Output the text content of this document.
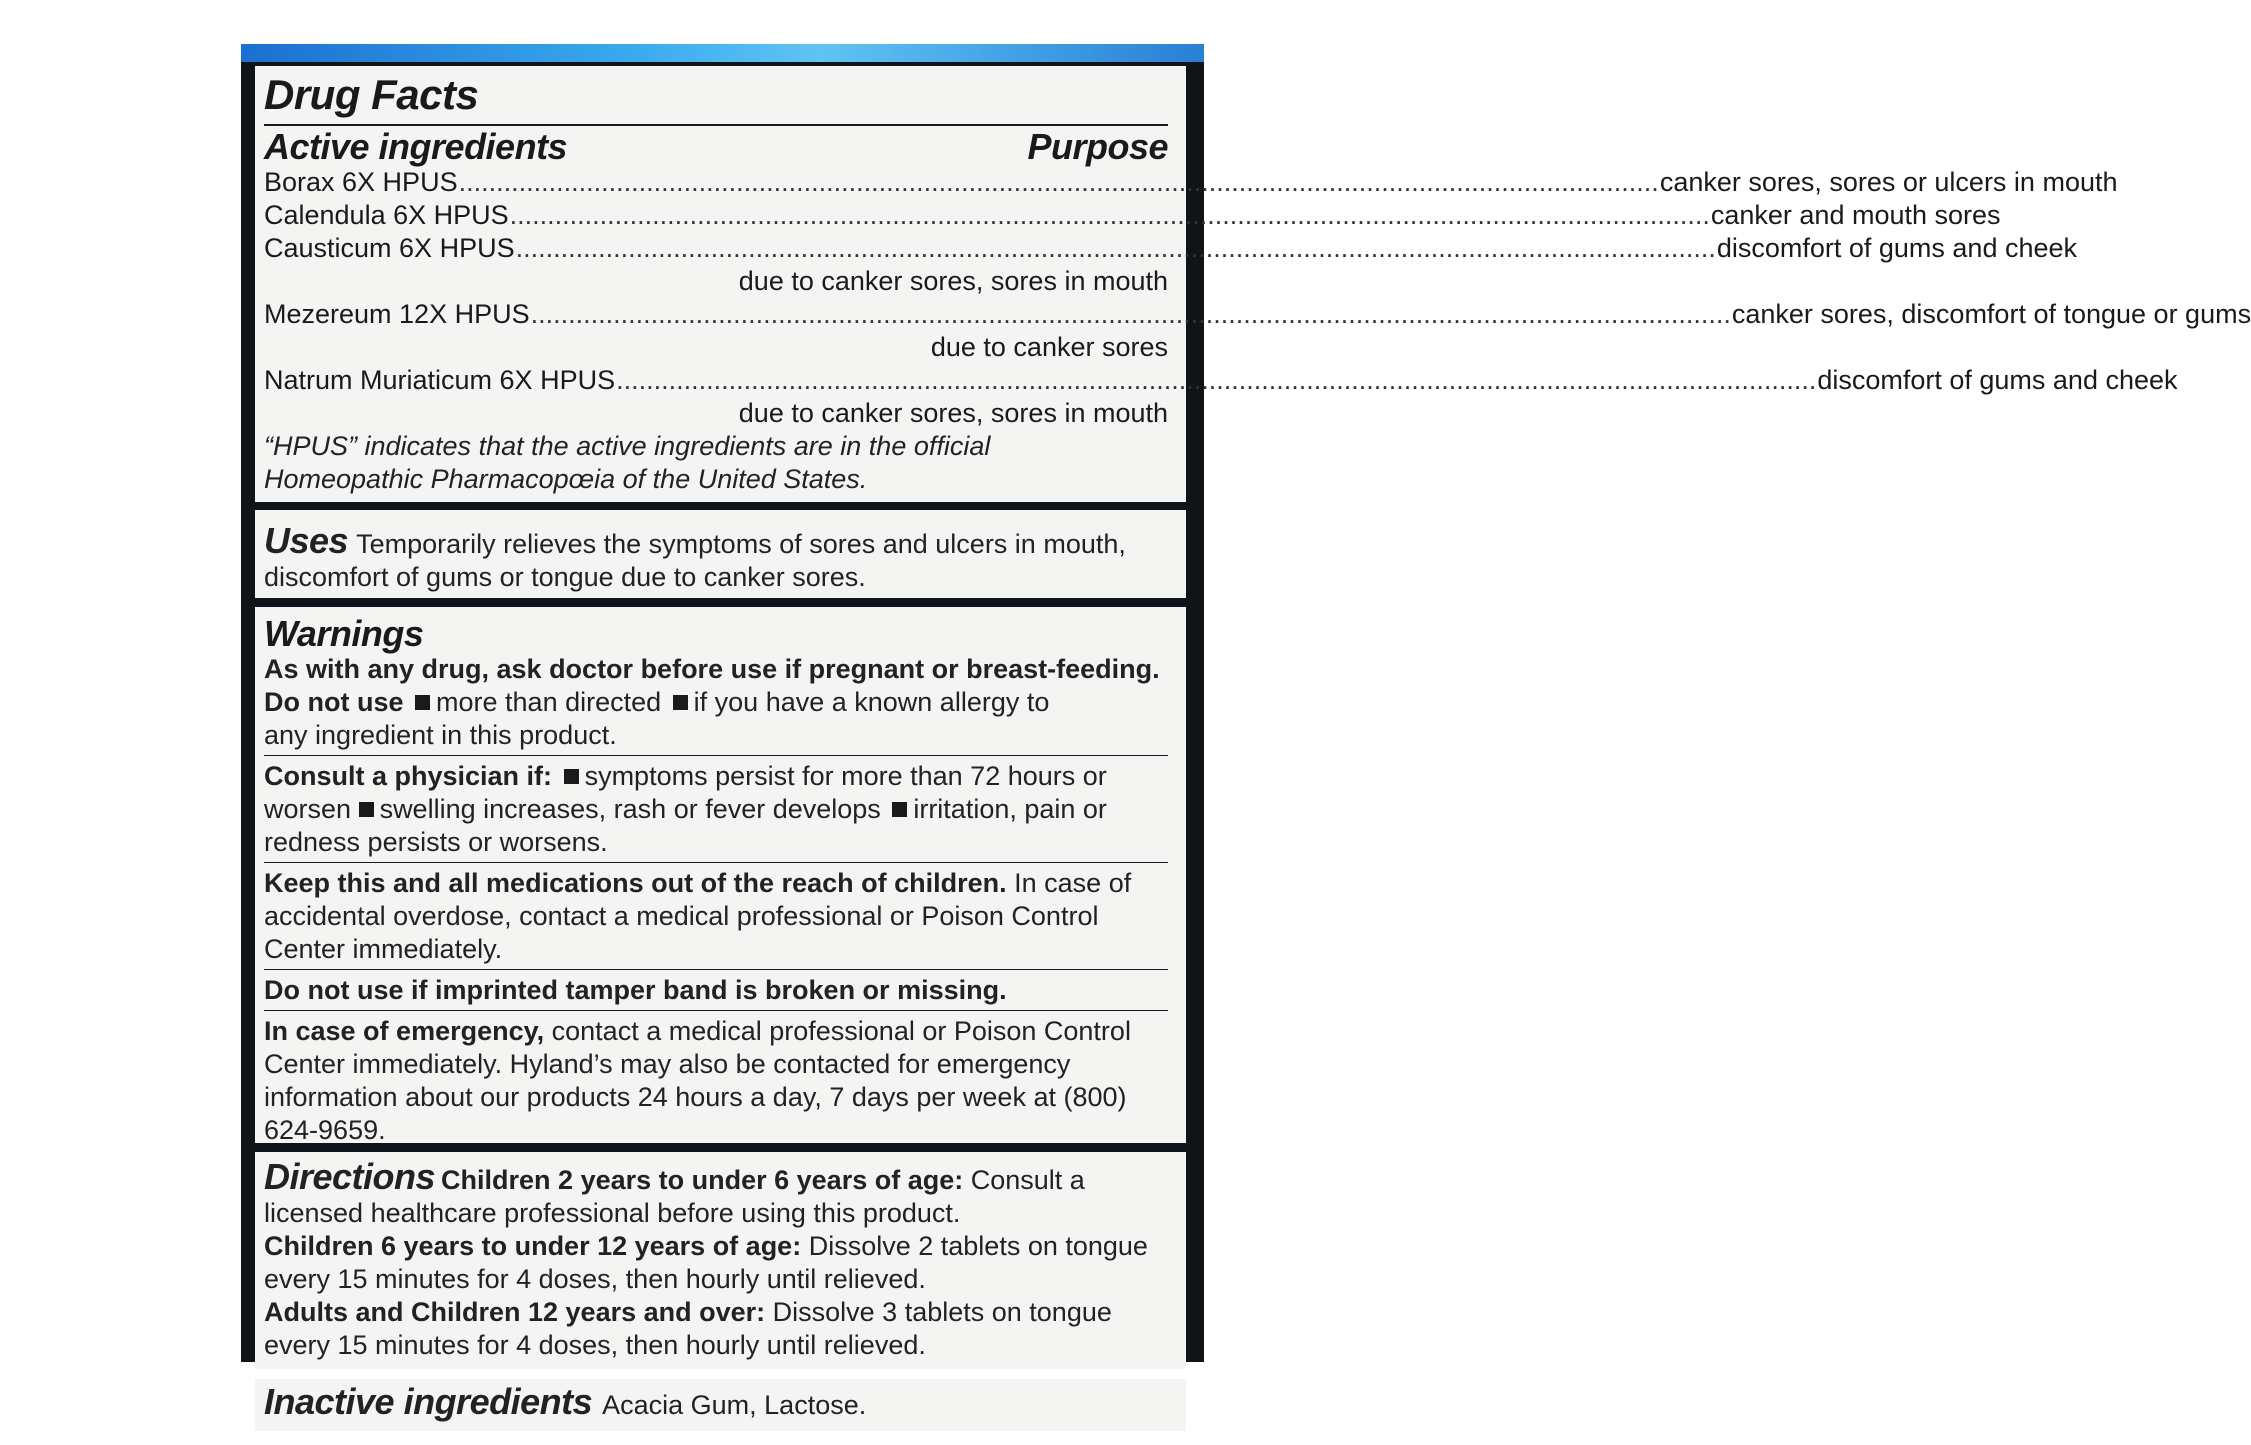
Drug Facts
Active ingredients	Purpose
Borax 6X HPUS .....	canker sores, sores or ulcers in mouth
Calendula 6X HPUS .....	canker and mouth sores
Causticum 6X HPUS .....	discomfort of gums and cheek
due to canker sores, sores in mouth
Mezereum 12X HPUS .....	canker sores, discomfort of tongue or gums
due to canker sores
Natrum Muriaticum 6X HPUS .....	discomfort of gums and cheek
due to canker sores, sores in mouth

“HPUS” indicates that the active ingredients are in the official Homeopathic Pharmacopœia of the United States.

Uses Temporarily relieves the symptoms of sores and ulcers in mouth, discomfort of gums or tongue due to canker sores.

Warnings

As with any drug, ask doctor before use if pregnant or breast-feeding.

Do not use more than directed if you have a known allergy to any ingredient in this product.

Consult a physician if: symptoms persist for more than 72 hours or worsen swelling increases, rash or fever develops irritation, pain or redness persists or worsens.

Keep this and all medications out of the reach of children. In case of accidental overdose, contact a medical professional or Poison Control Center immediately.

Do not use if imprinted tamper band is broken or missing.

In case of emergency, contact a medical professional or Poison Control Center immediately. Hyland’s may also be contacted for emergency information about our products 24 hours a day, 7 days per week at (800) 624-9659.

Directions Children 2 years to under 6 years of age: Consult a licensed healthcare professional before using this product.

Children 6 years to under 12 years of age: Dissolve 2 tablets on tongue every 15 minutes for 4 doses, then hourly until relieved.

Adults and Children 12 years and over: Dissolve 3 tablets on tongue every 15 minutes for 4 doses, then hourly until relieved.

Inactive ingredients Acacia Gum, Lactose.
